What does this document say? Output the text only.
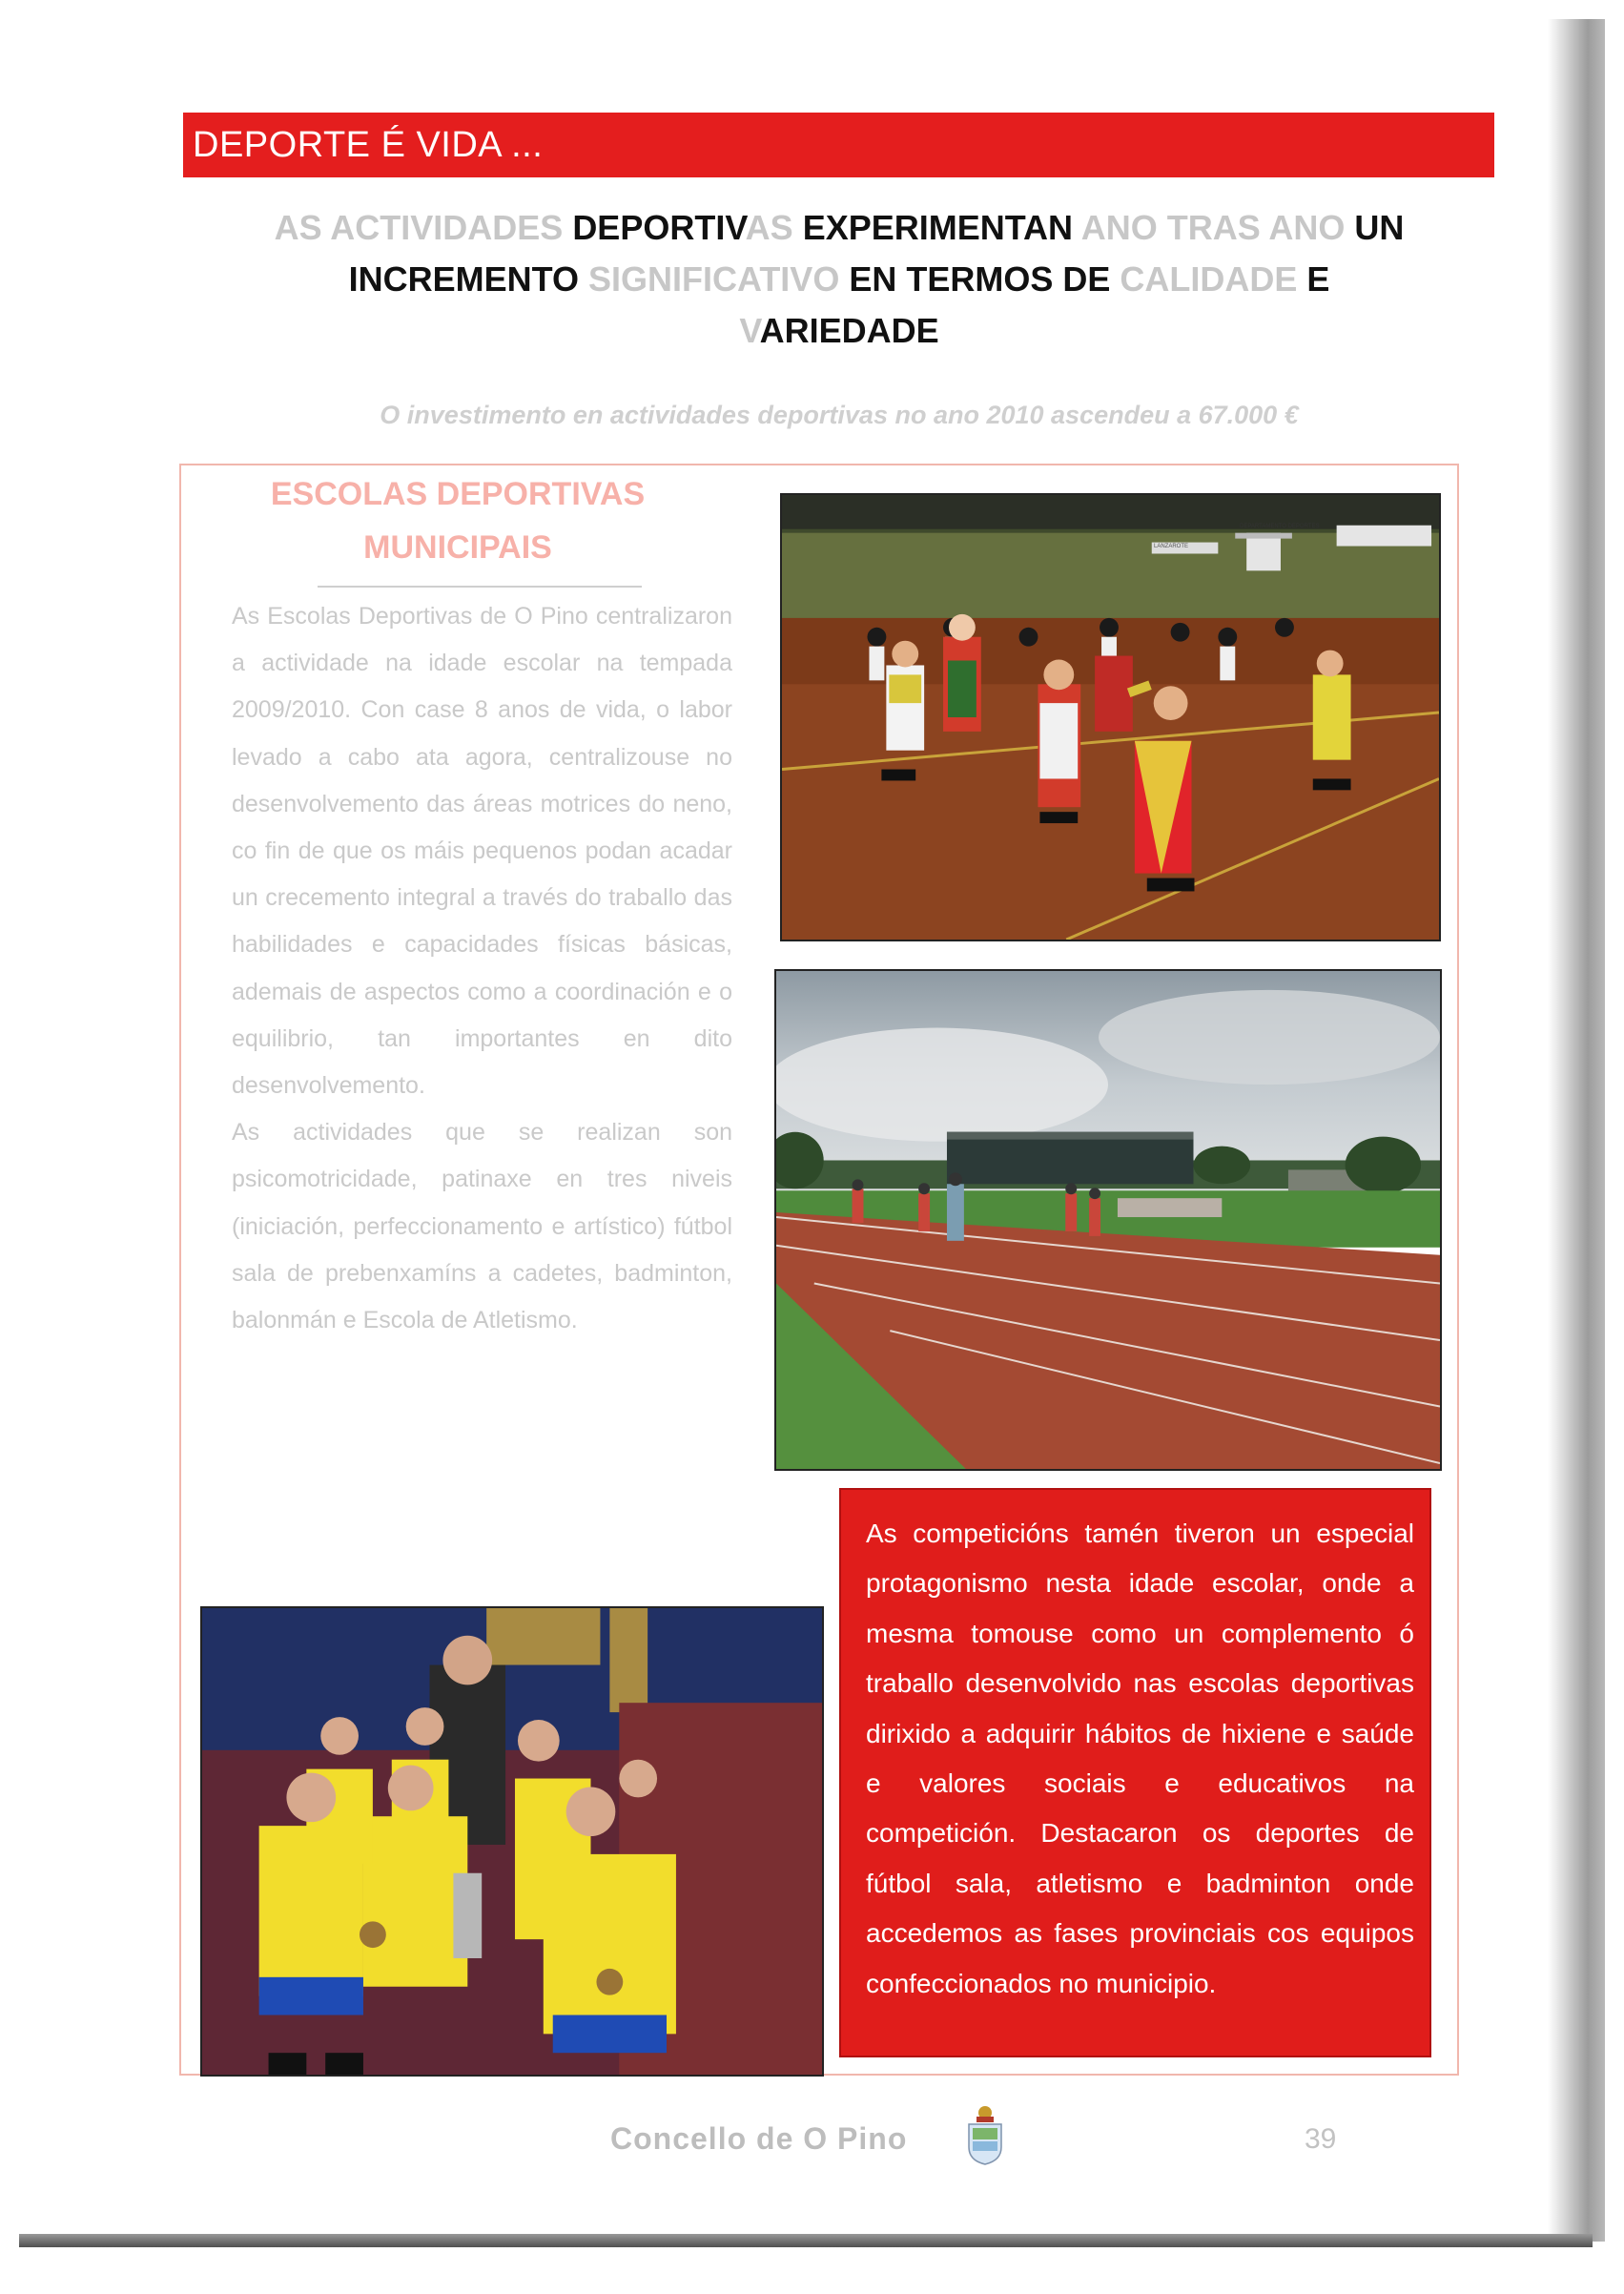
DEPORTE É VIDA ...
AS ACTIVIDADES DEPORTIVAS EXPERIMENTAN ANO TRAS ANO UN
INCREMENTO SIGNIFICATIVO EN TERMOS DE CALIDADE E
VARIEDADE
O investimento en actividades deportivas no ano 2010 ascendeu a 67.000 €
ESCOLAS DEPORTIVAS
MUNICIPAIS

As Escolas Deportivas de O Pino centralizaron a actividade na idade escolar na tempada 2009/2010. Con case 8 anos de vida, o labor levado a cabo ata agora, centralizouse no desenvolvemento das áreas motrices do neno, co fin de que os máis pequenos podan acadar un crecemento integral a través do traballo das habilidades e capacidades físicas básicas, ademais de aspectos como a coordinación e o equilibrio, tan importantes en dito desenvolvemento.

As actividades que se realizan son psicomotricidade, patinaxe en tres niveis (iniciación, perfeccionamento e artístico) fútbol sala de prebenxamíns a cadetes, badminton, balonmán e Escola de Atletismo.

DEPARTAMENTO DEPORTES
LANZAROTE
As competicións tamén tiveron un especial protagonismo nesta idade escolar, onde a mesma tomouse como un complemento ó traballo desenvolvido nas escolas deportivas dirixido a adquirir hábitos de hixiene e saúde e valores sociais e educativos na competición. Destacaron os deportes de fútbol sala, atletismo e badminton onde accedemos as fases provinciais cos equipos confeccionados no municipio.
Concello de O Pino	39
